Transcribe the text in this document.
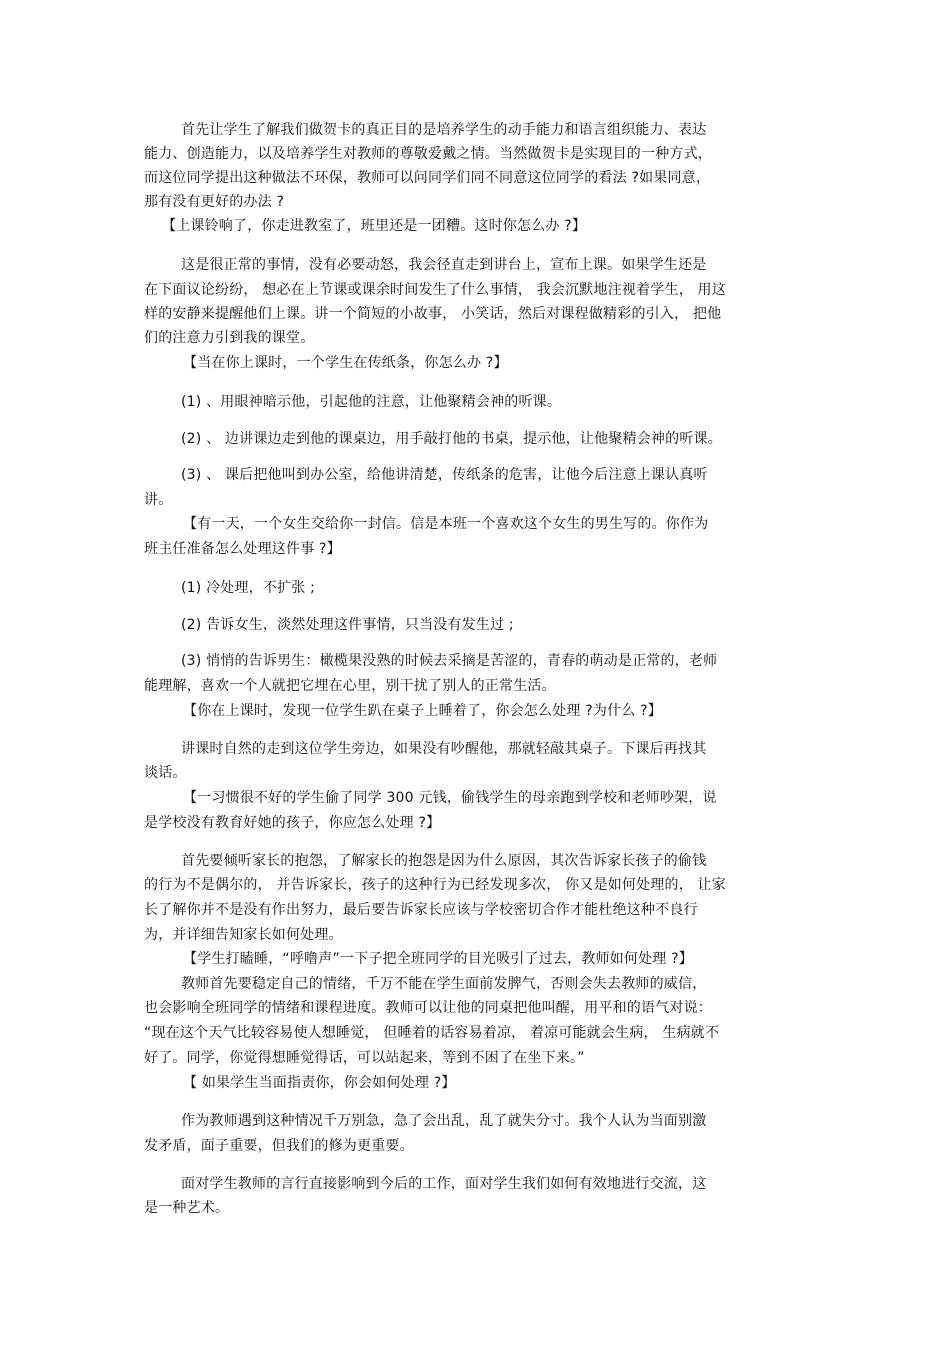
首先让学生了解我们做贺卡的真正目的是培养学生的动手能力和语言组织能力、表达
能力、创造能力，以及培养学生对教师的尊敬爱戴之情。当然做贺卡是实现目的一种方式，
而这位同学提出这种做法不环保，教师可以问同学们同不同意这位同学的看法 ?如果同意，
那有没有更好的办法 ?
【上课铃响了，你走进教室了，班里还是一团糟。这时你怎么办 ?】
这是很正常的事情，没有必要动怒，我会径直走到讲台上，宣布上课。如果学生还是
在下面议论纷纷， 想必在上节课或课余时间发生了什么事情， 我会沉默地注视着学生， 用这
样的安静来提醒他们上课。讲一个简短的小故事， 小笑话，然后对课程做精彩的引入， 把他
们的注意力引到我的课堂。
【当在你上课时，一个学生在传纸条，你怎么办 ?】
(1) 、用眼神暗示他，引起他的注意，让他聚精会神的听课。
(2) 、 边讲课边走到他的课桌边，用手敲打他的书桌，提示他，让他聚精会神的听课。
(3) 、 课后把他叫到办公室，给他讲清楚，传纸条的危害，让他今后注意上课认真听
讲。
【有一天，一个女生交给你一封信。信是本班一个喜欢这个女生的男生写的。你作为
班主任准备怎么处理这件事 ?】
(1) 冷处理，不扩张 ;
(2) 告诉女生，淡然处理这件事情，只当没有发生过 ;
(3) 悄悄的告诉男生：橄榄果没熟的时候去采摘是苦涩的，青春的萌动是正常的，老师
能理解，喜欢一个人就把它埋在心里，别干扰了别人的正常生活。
【你在上课时，发现一位学生趴在桌子上睡着了，你会怎么处理 ?为什么 ?】
讲课时自然的走到这位学生旁边，如果没有吵醒他，那就轻敲其桌子。下课后再找其
谈话。
【一习惯很不好的学生偷了同学 300 元钱，偷钱学生的母亲跑到学校和老师吵架，说
是学校没有教育好她的孩子，你应怎么处理 ?】
首先要倾听家长的抱怨，了解家长的抱怨是因为什么原因，其次告诉家长孩子的偷钱
的行为不是偶尔的， 并告诉家长，孩子的这种行为已经发现多次， 你又是如何处理的， 让家
长了解你并不是没有作出努力，最后要告诉家长应该与学校密切合作才能杜绝这种不良行
为，并详细告知家长如何处理。
【学生打瞌睡，“呼噜声”一下子把全班同学的目光吸引了过去，教师如何处理 ?】
教师首先要稳定自己的情绪，千万不能在学生面前发脾气，否则会失去教师的威信，
也会影响全班同学的情绪和课程进度。教师可以让他的同桌把他叫醒，用平和的语气对说：
“现在这个天气比较容易使人想睡觉， 但睡着的话容易着凉， 着凉可能就会生病， 生病就不
好了。同学，你觉得想睡觉得话，可以站起来，等到不困了在坐下来。”
【 如果学生当面指责你，你会如何处理 ?】
作为教师遇到这种情况千万别急，急了会出乱，乱了就失分寸。我个人认为当面别激
发矛盾，面子重要，但我们的修为更重要。
面对学生教师的言行直接影响到今后的工作，面对学生我们如何有效地进行交流，这
是一种艺术。
